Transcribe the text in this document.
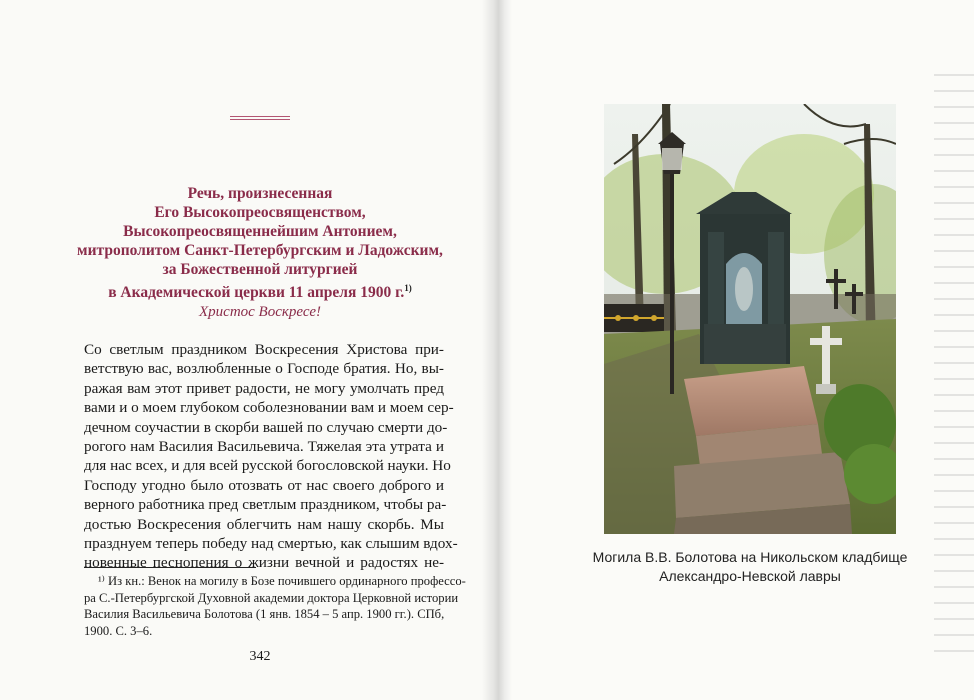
Речь, произнесенная
Его Высокопреосвященством,
Высокопреосвященнейшим Антонием,
митрополитом Санкт-Петербургским и Ладожским,
за Божественной литургией
в Академической церкви 11 апреля 1900 г.$^{1)}$
Христос Воскресе!
Со светлым праздником Воскресения Христова при-
ветствую вас, возлюбленные о Господе братия. Но, вы-
ражая вам этот привет радости, не могу умолчать пред
вами и о моем глубоком соболезновании вам и моем сер-
дечном соучастии в скорби вашей по случаю смерти до-
рогого нам Василия Васильевича. Тяжелая эта утрата и
для нас всех, и для всей русской богословской науки. Но
Господу угодно было отозвать от нас своего доброго и
верного работника пред светлым праздником, чтобы ра-
достью Воскресения облегчить нам нашу скорбь. Мы
празднуем теперь победу над смертью, как слышим вдох-
новенные песнопения о жизни вечной и радостях не-
¹⁾ Из кн.: Венок на могилу в Бозе почившего ординарного профессо-
ра С.-Петербургской Духовной академии доктора Церковной истории
Василия Васильевича Болотова (1 янв. 1854 – 5 апр. 1900 гг.). СПб,
1900. С. 3–6.
342
Могила В.В. Болотова на Никольском кладбище
Александро-Невской лавры
